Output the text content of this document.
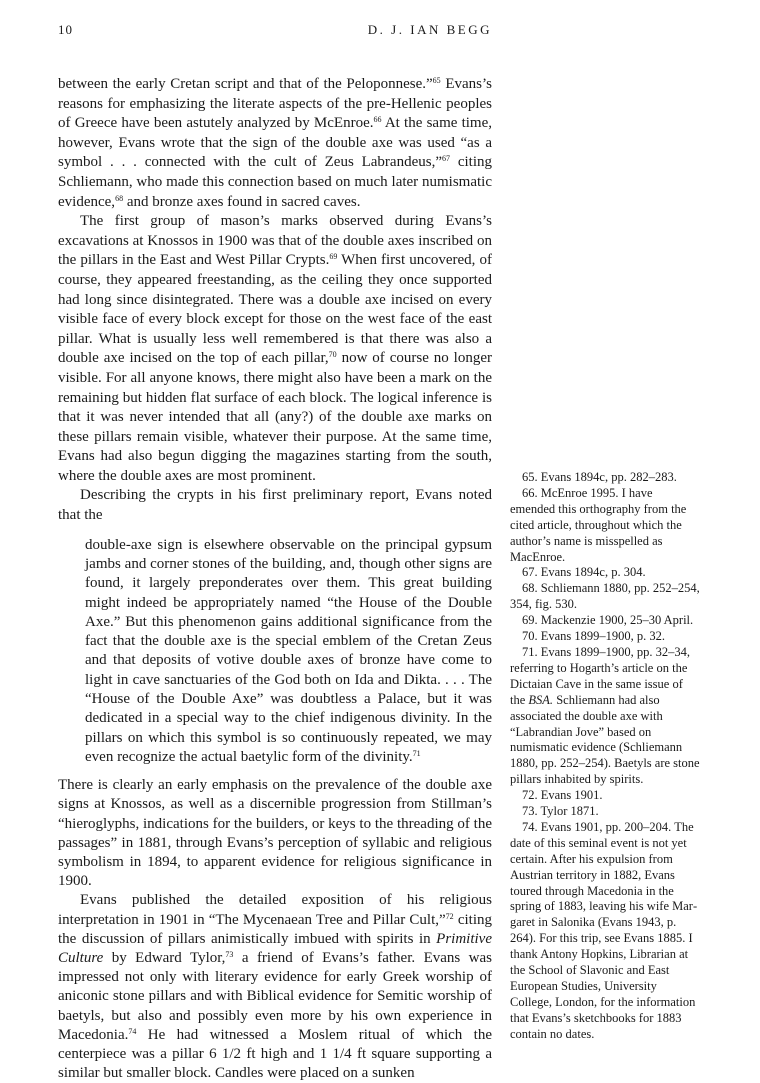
10	D. J. IAN BEGG

between the early Cretan script and that of the Peloponnese.”$^{65}$ Evans’s reasons for emphasizing the literate aspects of the pre-Hellenic peoples of Greece have been astutely analyzed by McEnroe.$^{66}$ At the same time, however, Evans wrote that the sign of the double axe was used “as a symbol . . . connected with the cult of Zeus Labrandeus,”$^{67}$ citing Schliemann, who made this connection based on much later numismatic evidence,$^{68}$ and bronze axes found in sacred caves.

The first group of mason’s marks observed during Evans’s excavations at Knossos in 1900 was that of the double axes inscribed on the pillars in the East and West Pillar Crypts.$^{69}$ When first uncovered, of course, they appeared freestanding, as the ceiling they once supported had long since disintegrated. There was a double axe incised on every visible face of every block except for those on the west face of the east pillar. What is usually less well remembered is that there was also a double axe incised on the top of each pillar,$^{70}$ now of course no longer visible. For all anyone knows, there might also have been a mark on the remaining but hidden flat surface of each block. The logical inference is that it was never intended that all (any?) of the double axe marks on these pillars remain visible, whatever their purpose. At the same time, Evans had also begun digging the magazines starting from the south, where the double axes are most prominent.

Describing the crypts in his first preliminary report, Evans noted that the

double-axe sign is elsewhere observable on the principal gypsum jambs and corner stones of the building, and, though other signs are found, it largely preponderates over them. This great building might indeed be appropriately named “the House of the Double Axe.” But this phenomenon gains additional significance from the fact that the double axe is the special emblem of the Cretan Zeus and that deposits of votive double axes of bronze have come to light in cave sanctuaries of the God both on Ida and Dikta. . . . The “House of the Double Axe” was doubtless a Palace, but it was dedicated in a special way to the chief indigenous divinity. In the pillars on which this symbol is so continuously repeated, we may even recognize the actual baetylic form of the divinity.$^{71}$

There is clearly an early emphasis on the prevalence of the double axe signs at Knossos, as well as a discernible progression from Stillman’s “hieroglyphs, indications for the builders, or keys to the threading of the passages” in 1881, through Evans’s perception of syllabic and religious symbolism in 1894, to apparent evidence for religious significance in 1900.

Evans published the detailed exposition of his religious interpretation in 1901 in “The Mycenaean Tree and Pillar Cult,”$^{72}$ citing the discussion of pillars animistically imbued with spirits in Primitive Culture by Edward Tylor,$^{73}$ a friend of Evans’s father. Evans was impressed not only with literary evidence for early Greek worship of aniconic stone pillars and with Biblical evidence for Semitic worship of baetyls, but also and possibly even more by his own experience in Macedonia.$^{74}$ He had witnessed a Moslem ritual of which the centerpiece was a pillar 6 1/2 ft high and 1 1/4 ft square supporting a similar but smaller block. Candles were placed on a sunken

65. Evans 1894c, pp. 282–283.

66. McEnroe 1995. I have emended this orthography from the cited article, throughout which the author’s name is misspelled as MacEnroe.

67. Evans 1894c, p. 304.

68. Schliemann 1880, pp. 252–254, 354, fig. 530.

69. Mackenzie 1900, 25–30 April.

70. Evans 1899–1900, p. 32.

71. Evans 1899–1900, pp. 32–34, referring to Hogarth’s article on the Dictaian Cave in the same issue of the BSA. Schliemann had also associated the double axe with “Labrandian Jove” based on numismatic evidence (Schliemann 1880, pp. 252–254). Baetyls are stone pillars inhabited by spirits.

72. Evans 1901.

73. Tylor 1871.

74. Evans 1901, pp. 200–204. The date of this seminal event is not yet certain. After his expulsion from Austrian territory in 1882, Evans toured through Macedonia in the spring of 1883, leaving his wife Margaret in Salonika (Evans 1943, p. 264). For this trip, see Evans 1885. I thank Antony Hopkins, Librarian at the School of Slavonic and East European Studies, University College, London, for the information that Evans’s sketchbooks for 1883 contain no dates.
